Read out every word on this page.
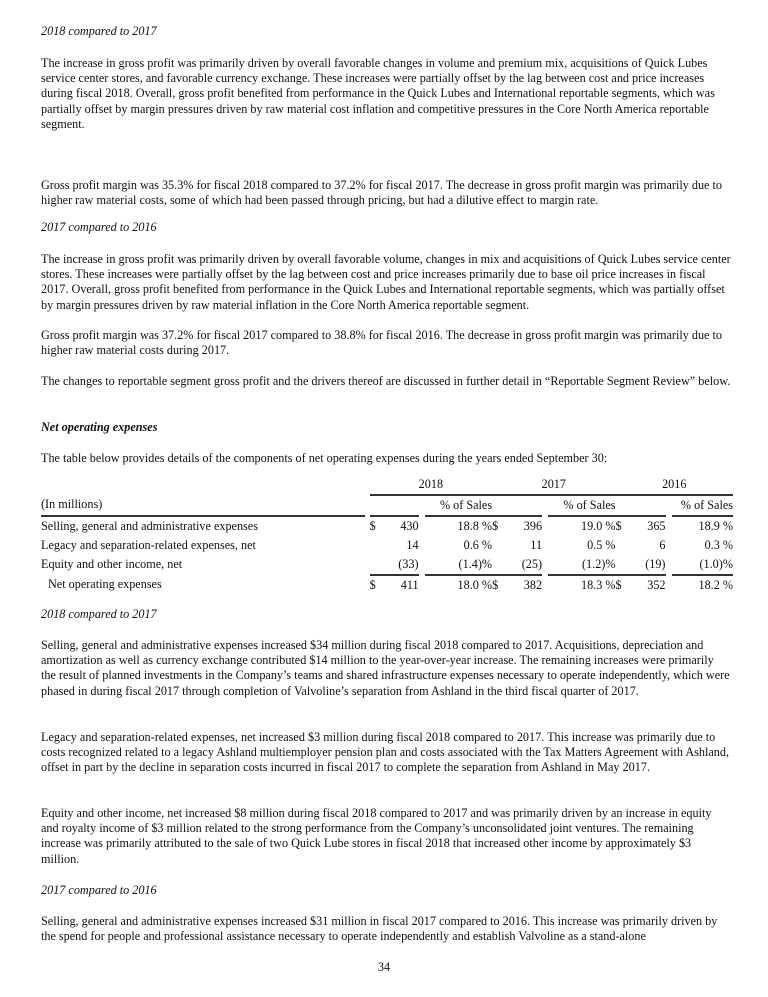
2018 compared to 2017

The increase in gross profit was primarily driven by overall favorable changes in volume and premium mix, acquisitions of Quick Lubes service center stores, and favorable currency exchange. These increases were partially offset by the lag between cost and price increases during fiscal 2018. Overall, gross profit benefited from performance in the Quick Lubes and International reportable segments, which was partially offset by margin pressures driven by raw material cost inflation and competitive pressures in the Core North America reportable segment.

Gross profit margin was 35.3% for fiscal 2018 compared to 37.2% for fiscal 2017. The decrease in gross profit margin was primarily due to higher raw material costs, some of which had been passed through pricing, but had a dilutive effect to margin rate.

2017 compared to 2016

The increase in gross profit was primarily driven by overall favorable volume, changes in mix and acquisitions of Quick Lubes service center stores. These increases were partially offset by the lag between cost and price increases primarily due to base oil price increases in fiscal 2017. Overall, gross profit benefited from performance in the Quick Lubes and International reportable segments, which was partially offset by margin pressures driven by raw material inflation in the Core North America reportable segment.

Gross profit margin was 37.2% for fiscal 2017 compared to 38.8% for fiscal 2016. The decrease in gross profit margin was primarily due to higher raw material costs during 2017.

The changes to reportable segment gross profit and the drivers thereof are discussed in further detail in “Reportable Segment Review” below.

Net operating expenses

The table below provides details of the components of net operating expenses during the years ended September 30:

		2018				2017				2016			
(In millions)					% of Sales				% of Sales				% of Sales
Selling, general and administrative expenses		$	430		18.8 %	$	396		19.0 %	$	365		18.9 %
Legacy and separation-related expenses, net			14		0.6 %		11		0.5 %		6		0.3 %
Equity and other income, net			(33)		(1.4)%		(25)		(1.2)%		(19)		(1.0)%
Net operating expenses		$	411		18.0 %	$	382		18.3 %	$	352		18.2 %

2018 compared to 2017

Selling, general and administrative expenses increased $34 million during fiscal 2018 compared to 2017. Acquisitions, depreciation and amortization as well as currency exchange contributed $14 million to the year-over-year increase. The remaining increases were primarily the result of planned investments in the Company’s teams and shared infrastructure expenses necessary to operate independently, which were phased in during fiscal 2017 through completion of Valvoline’s separation from Ashland in the third fiscal quarter of 2017.

Legacy and separation-related expenses, net increased $3 million during fiscal 2018 compared to 2017. This increase was primarily due to costs recognized related to a legacy Ashland multiemployer pension plan and costs associated with the Tax Matters Agreement with Ashland, offset in part by the decline in separation costs incurred in fiscal 2017 to complete the separation from Ashland in May 2017.

Equity and other income, net increased $8 million during fiscal 2018 compared to 2017 and was primarily driven by an increase in equity and royalty income of $3 million related to the strong performance from the Company’s unconsolidated joint ventures. The remaining increase was primarily attributed to the sale of two Quick Lube stores in fiscal 2018 that increased other income by approximately $3 million.

2017 compared to 2016

Selling, general and administrative expenses increased $31 million in fiscal 2017 compared to 2016. This increase was primarily driven by the spend for people and professional assistance necessary to operate independently and establish Valvoline as a stand-alone

34
